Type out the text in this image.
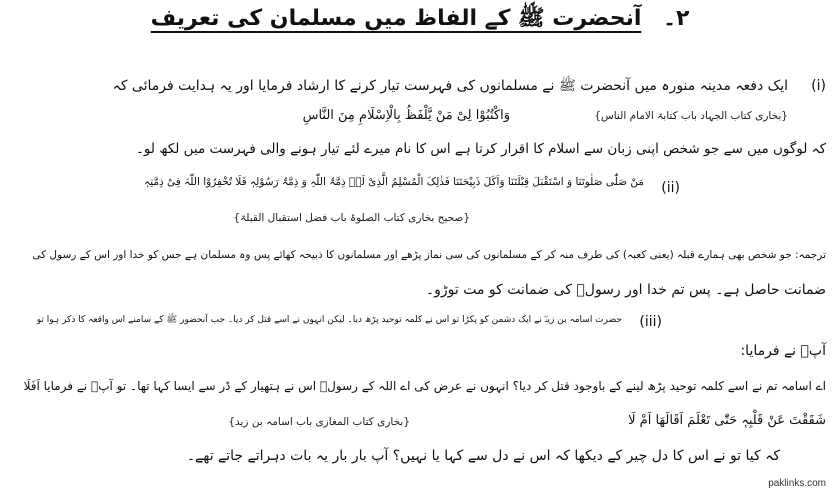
۲۔ آنحضرت ﷺ کے الفاظ میں مسلمان کی تعریف
(i)
ایک دفعہ مدینہ منورہ میں آنحضرت ﷺ نے مسلمانوں کی فہرست تیار کرنے کا ارشاد فرمایا اور یہ ہدایت فرمائی کہ
وَاکْتُبُوْا لِیْ مَنْ یَّلْفَظُ بِالْاِسْلَامِ مِنَ النَّاسِ	{بخاری کتاب الجہاد باب کتابۃ الامام الناس}
کہ لوگوں میں سے جو شخص اپنی زبان سے اسلام کا اقرار کرتا ہے اس کا نام میرے لئے تیار ہونے والی فہرست میں لکھ لو۔
(ii)
مَنْ صَلّٰی صَلٰوتَنَا وَ اسْتَقْبَلَ قِبْلَتَنَا وَاَکَلَ ذَبِیْحَتَنَا فَذٰلِکَ الْمُسْلِمُ الَّذِیْ لَہٗ ذِمَّۃُ اللّٰہِ وَ ذِمَّۃُ رَسُوْلِہٖ فَلَا تُخْفِرُوْا اللّٰہَ فِیْ ذِمَّتِہٖ
{صحیح بخاری کتاب الصلوۃ باب فضل استقبال القبلۃ}
ترجمہ: جو شخص بھی ہمارے قبلہ (یعنی کعبہ) کی طرف منہ کر کے مسلمانوں کی سی نماز پڑھے اور مسلمانوں کا ذبیحہ کھائے پس وہ مسلمان ہے جس کو خدا اور اس کے رسول کی
ضمانت حاصل ہے۔ پس تم خدا اور رسولؐ کی ضمانت کو مت توڑو۔
(iii)
حضرت اسامہ بن زیدؓ نے ایک دشمن کو پکڑا تو اس نے کلمہ توحید پڑھ دیا۔ لیکن انہوں نے اسے قتل کر دیا۔ جب آنحضور ﷺ کے سامنے اس واقعہ کا ذکر ہوا تو
آپؐ نے فرمایا:
اے اسامہ تم نے اسے کلمہ توحید پڑھ لینے کے باوجود قتل کر دیا؟ انہوں نے عرض کی اے اللہ کے رسولؐ اس نے ہتھیار کے ڈر سے ایسا کہا تھا۔ تو آپؐ نے فرمایا اَفَلَا
شَقَقْتَ عَنْ قَلْبِہٖ حَتّٰی تَعْلَمَ اَقَالَھَا اَمْ لَا
{بخاری کتاب المغازی باب اسامہ بن زید}
کہ کیا تو نے اس کا دل چیر کے دیکھا کہ اس نے دل سے کہا یا نہیں؟ آپ بار بار یہ بات دہراتے جاتے تھے۔
paklinks.com
